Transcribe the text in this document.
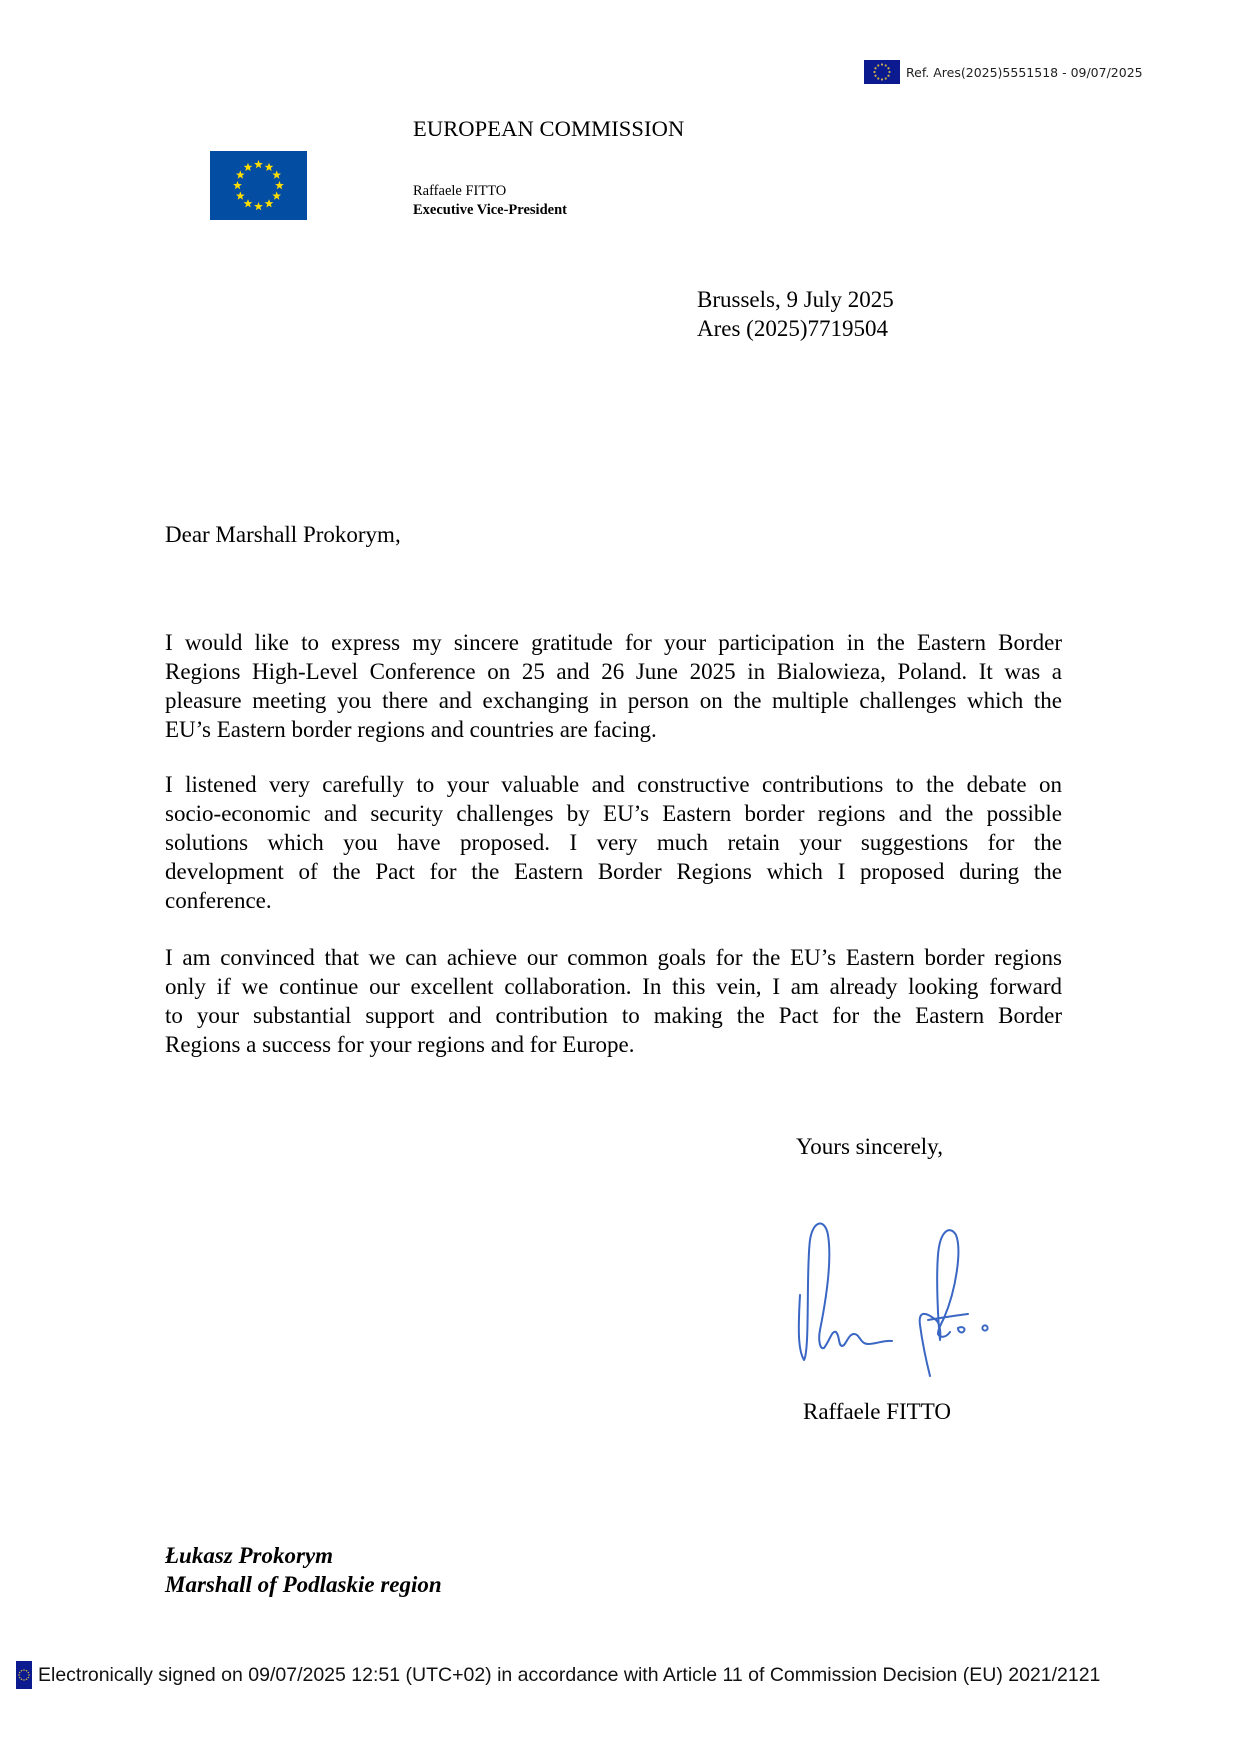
Ref. Ares(2025)5551518 - 09/07/2025
EUROPEAN COMMISSION
Raffaele FITTO
Executive Vice-President
Brussels, 9 July 2025
Ares (2025)7719504
Dear Marshall Prokorym,
I would like to express my sincere gratitude for your participation in the Eastern Border
Regions High-Level Conference on 25 and 26 June 2025 in Bialowieza, Poland. It was a
pleasure meeting you there and exchanging in person on the multiple challenges which the
EU’s Eastern border regions and countries are facing.
I listened very carefully to your valuable and constructive contributions to the debate on
socio-economic and security challenges by EU’s Eastern border regions and the possible
solutions which you have proposed. I very much retain your suggestions for the
development of the Pact for the Eastern Border Regions which I proposed during the
conference.
I am convinced that we can achieve our common goals for the EU’s Eastern border regions
only if we continue our excellent collaboration. In this vein, I am already looking forward
to your substantial support and contribution to making the Pact for the Eastern Border
Regions a success for your regions and for Europe.
Yours sincerely,
Raffaele FITTO
Łukasz Prokorym
Marshall of Podlaskie region
Electronically signed on 09/07/2025 12:51 (UTC+02) in accordance with Article 11 of Commission Decision (EU) 2021/2121
